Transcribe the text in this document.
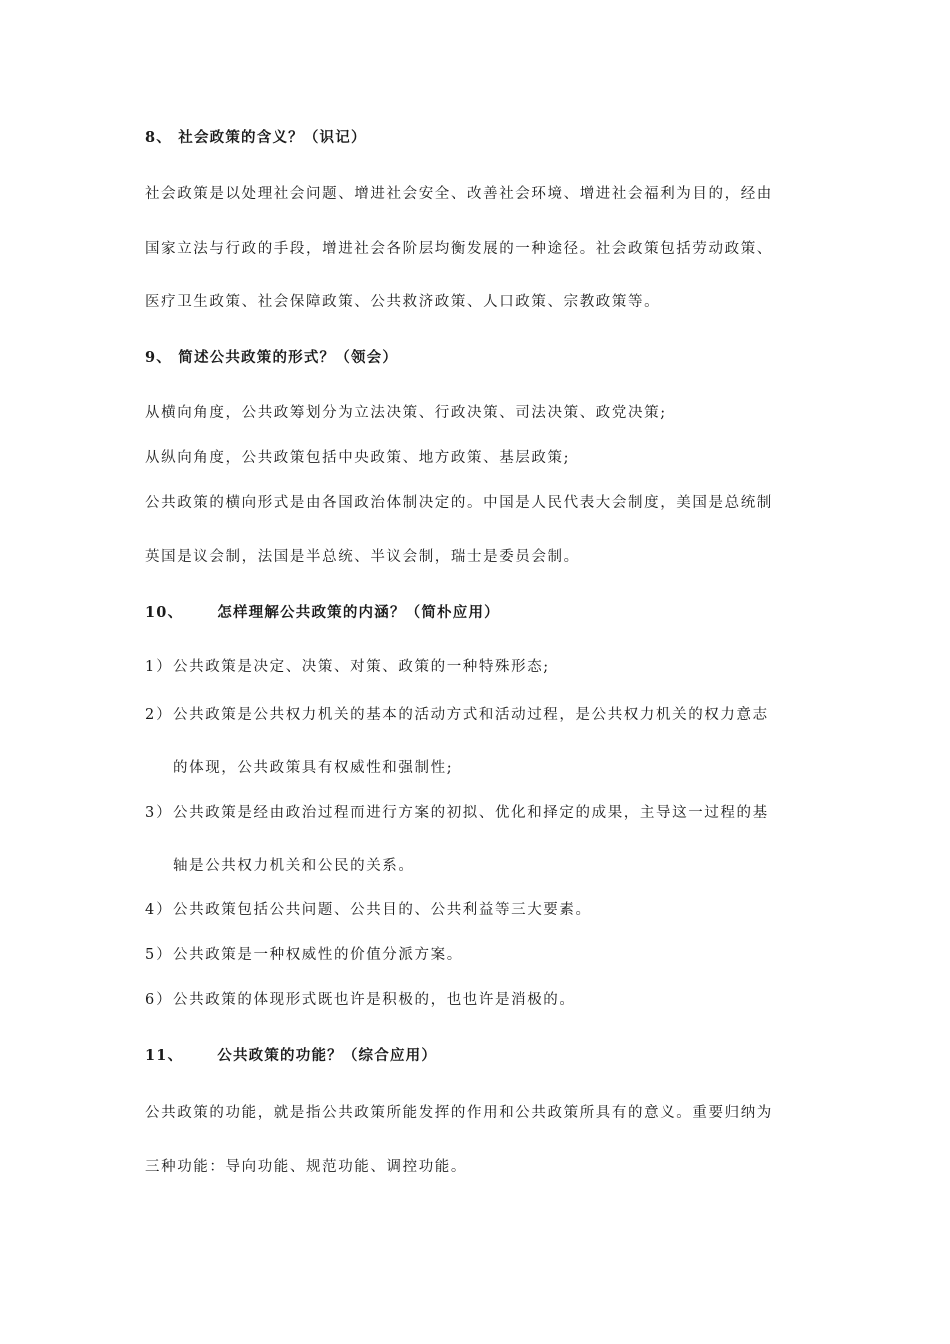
8、 社会政策的含义？（识记）
社会政策是以处理社会问题、增进社会安全、改善社会环境、增进社会福利为目的，经由
国家立法与行政的手段，增进社会各阶层均衡发展的一种途径。社会政策包括劳动政策、
医疗卫生政策、社会保障政策、公共救济政策、人口政策、宗教政策等。
9、 简述公共政策的形式？（领会）
从横向角度，公共政筹划分为立法决策、行政决策、司法决策、政党决策;
从纵向角度，公共政策包括中央政策、地方政策、基层政策;
公共政策的横向形式是由各国政治体制决定的。中国是人民代表大会制度，美国是总统制
英国是议会制，法国是半总统、半议会制，瑞士是委员会制。
10、 怎样理解公共政策的内涵？（简朴应用）
1）公共政策是决定、决策、对策、政策的一种特殊形态;
2）公共政策是公共权力机关的基本的活动方式和活动过程，是公共权力机关的权力意志
的体现，公共政策具有权威性和强制性;
3）公共政策是经由政治过程而进行方案的初拟、优化和择定的成果，主导这一过程的基
轴是公共权力机关和公民的关系。
4）公共政策包括公共问题、公共目的、公共利益等三大要素。
5）公共政策是一种权威性的价值分派方案。
6）公共政策的体现形式既也许是积极的，也也许是消极的。
11、 公共政策的功能？（综合应用）
公共政策的功能，就是指公共政策所能发挥的作用和公共政策所具有的意义。重要归纳为
三种功能：导向功能、规范功能、调控功能。
